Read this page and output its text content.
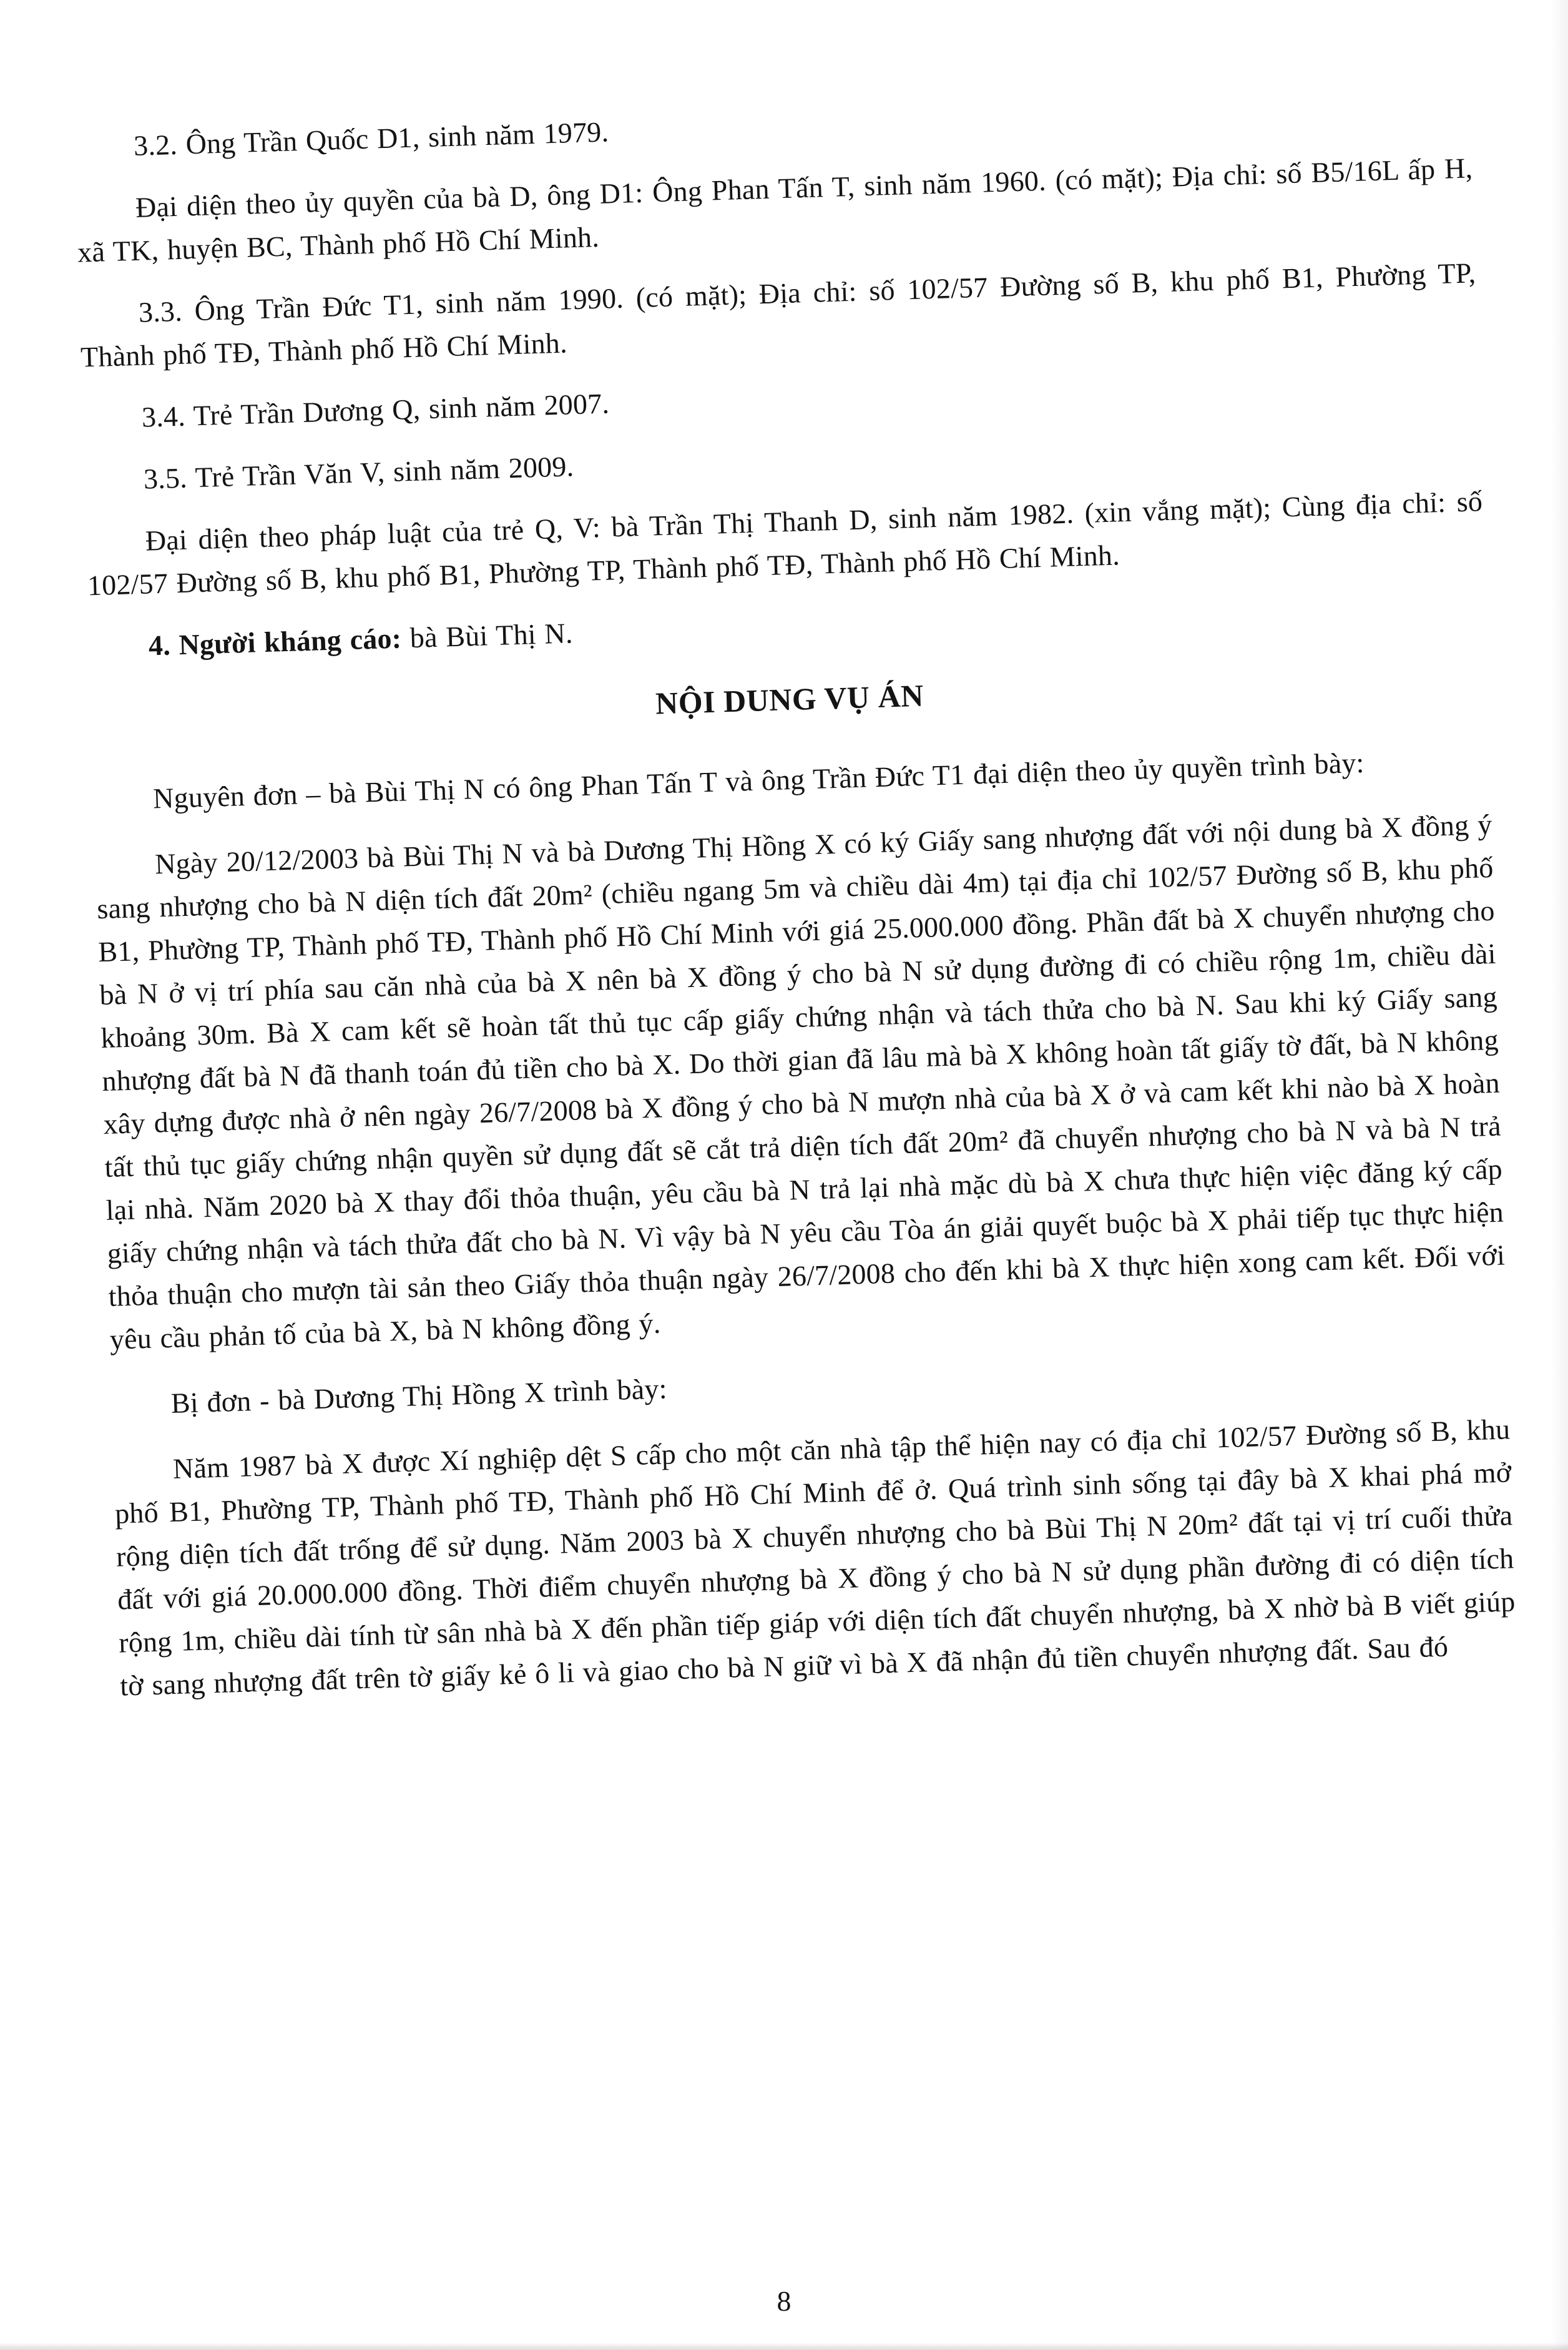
3.2. Ông Trần Quốc D1, sinh năm 1979.

Đại diện theo ủy quyền của bà D, ông D1: Ông Phan Tấn T, sinh năm 1960. (có mặt); Địa chỉ: số B5/16L ấp H, xã TK, huyện BC, Thành phố Hồ Chí Minh.

3.3. Ông Trần Đức T1, sinh năm 1990. (có mặt); Địa chỉ: số 102/57 Đường số B, khu phố B1, Phường TP, Thành phố TĐ, Thành phố Hồ Chí Minh.

3.4. Trẻ Trần Dương Q, sinh năm 2007.

3.5. Trẻ Trần Văn V, sinh năm 2009.

Đại diện theo pháp luật của trẻ Q, V: bà Trần Thị Thanh D, sinh năm 1982. (xin vắng mặt); Cùng địa chỉ: số 102/57 Đường số B, khu phố B1, Phường TP, Thành phố TĐ, Thành phố Hồ Chí Minh.

4. Người kháng cáo: bà Bùi Thị N.

NỘI DUNG VỤ ÁN

Nguyên đơn – bà Bùi Thị N có ông Phan Tấn T và ông Trần Đức T1 đại diện theo ủy quyền trình bày:

Ngày 20/12/2003 bà Bùi Thị N và bà Dương Thị Hồng X có ký Giấy sang nhượng đất với nội dung bà X đồng ý sang nhượng cho bà N diện tích đất 20m² (chiều ngang 5m và chiều dài 4m) tại địa chỉ 102/57 Đường số B, khu phố B1, Phường TP, Thành phố TĐ, Thành phố Hồ Chí Minh với giá 25.000.000 đồng. Phần đất bà X chuyển nhượng cho bà N ở vị trí phía sau căn nhà của bà X nên bà X đồng ý cho bà N sử dụng đường đi có chiều rộng 1m, chiều dài khoảng 30m. Bà X cam kết sẽ hoàn tất thủ tục cấp giấy chứng nhận và tách thửa cho bà N. Sau khi ký Giấy sang nhượng đất bà N đã thanh toán đủ tiền cho bà X. Do thời gian đã lâu mà bà X không hoàn tất giấy tờ đất, bà N không xây dựng được nhà ở nên ngày 26/7/2008 bà X đồng ý cho bà N mượn nhà của bà X ở và cam kết khi nào bà X hoàn tất thủ tục giấy chứng nhận quyền sử dụng đất sẽ cắt trả diện tích đất 20m² đã chuyển nhượng cho bà N và bà N trả lại nhà. Năm 2020 bà X thay đổi thỏa thuận, yêu cầu bà N trả lại nhà mặc dù bà X chưa thực hiện việc đăng ký cấp giấy chứng nhận và tách thửa đất cho bà N. Vì vậy bà N yêu cầu Tòa án giải quyết buộc bà X phải tiếp tục thực hiện thỏa thuận cho mượn tài sản theo Giấy thỏa thuận ngày 26/7/2008 cho đến khi bà X thực hiện xong cam kết. Đối với yêu cầu phản tố của bà X, bà N không đồng ý.

Bị đơn - bà Dương Thị Hồng X trình bày:

Năm 1987 bà X được Xí nghiệp dệt S cấp cho một căn nhà tập thể hiện nay có địa chỉ 102/57 Đường số B, khu phố B1, Phường TP, Thành phố TĐ, Thành phố Hồ Chí Minh để ở. Quá trình sinh sống tại đây bà X khai phá mở rộng diện tích đất trống để sử dụng. Năm 2003 bà X chuyển nhượng cho bà Bùi Thị N 20m² đất tại vị trí cuối thửa đất với giá 20.000.000 đồng. Thời điểm chuyển nhượng bà X đồng ý cho bà N sử dụng phần đường đi có diện tích rộng 1m, chiều dài tính từ sân nhà bà X đến phần tiếp giáp với diện tích đất chuyển nhượng, bà X nhờ bà B viết giúp tờ sang nhượng đất trên tờ giấy kẻ ô li và giao cho bà N giữ vì bà X đã nhận đủ tiền chuyển nhượng đất. Sau đó

8
